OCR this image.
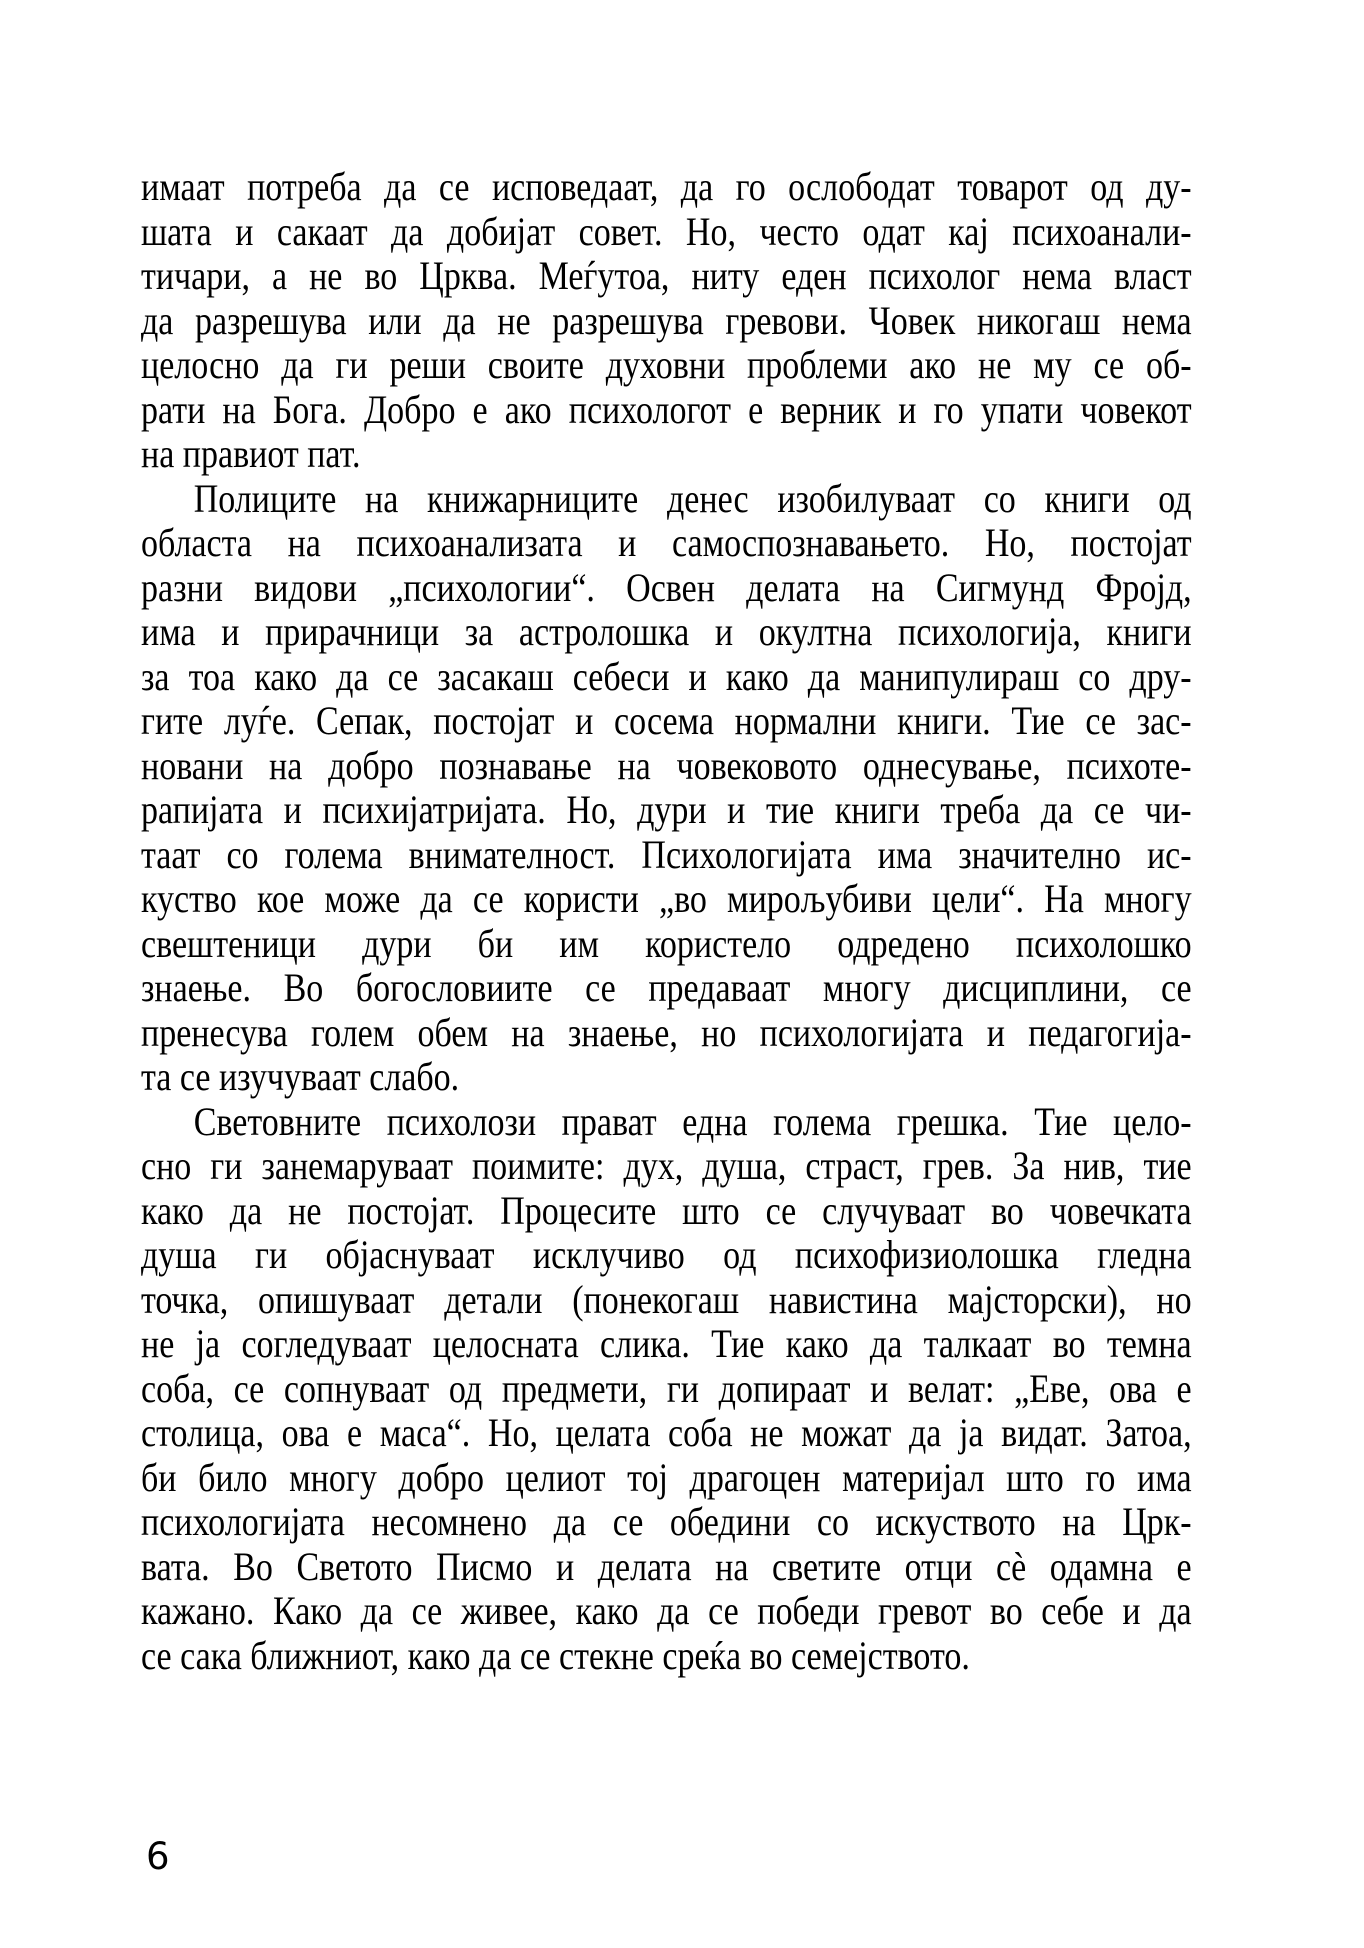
имаат потреба да се исповедаат, да го ослободат товарот од ду-
шата и сакаат да добијат совет. Но, често одат кај психоанали-
тичари, а не во Црква. Меѓутоа, ниту еден психолог нема власт
да разрешува или да не разрешува гревови. Човек никогаш нема
целосно да ги реши своите духовни проблеми ако не му се об-
рати на Бога. Добро е ако психологот е верник и го упати човекот
на правиот пат.

Полиците на книжарниците денес изобилуваат со книги од
областа на психоанализата и самоспознавањето. Но, постојат
разни видови „психологии“. Освен делата на Сигмунд Фројд,
има и прирачници за астролошка и окултна психологија, книги
за тоа како да се засакаш себеси и како да манипулираш со дру-
гите луѓе. Сепак, постојат и сосема нормални книги. Тие се зас-
новани на добро познавање на човековото однесување, психоте-
рапијата и психијатријата. Но, дури и тие книги треба да се чи-
таат со голема внимателност. Психологијата има значително ис-
куство кое може да се користи „во мирољубиви цели“. На многу
свештеници дури би им користело одредено психолошко
знаење. Во богословиите се предаваат многу дисциплини, се
пренесува голем обем на знаење, но психологијата и педагогија-
та се изучуваат слабо.

Световните психолози прават една голема грешка. Тие цело-
сно ги занемаруваат поимите: дух, душа, страст, грев. За нив, тие
како да не постојат. Процесите што се случуваат во човечката
душа ги објаснуваат исклучиво од психофизиолошка гледна
точка, опишуваат детали (понекогаш навистина мајсторски), но
не ја согледуваат целосната слика. Тие како да талкаат во темна
соба, се сопнуваат од предмети, ги допираат и велат: „Еве, ова е
столица, ова е маса“. Но, целата соба не можат да ја видат. Затоа,
би било многу добро целиот тој драгоцен материјал што го има
психологијата несомнено да се обедини со искуството на Црк-
вата. Во Светото Писмо и делата на светите отци сѐ одамна е
кажано. Како да се живее, како да се победи гревот во себе и да
се сака ближниот, како да се стекне среќа во семејството.

6
